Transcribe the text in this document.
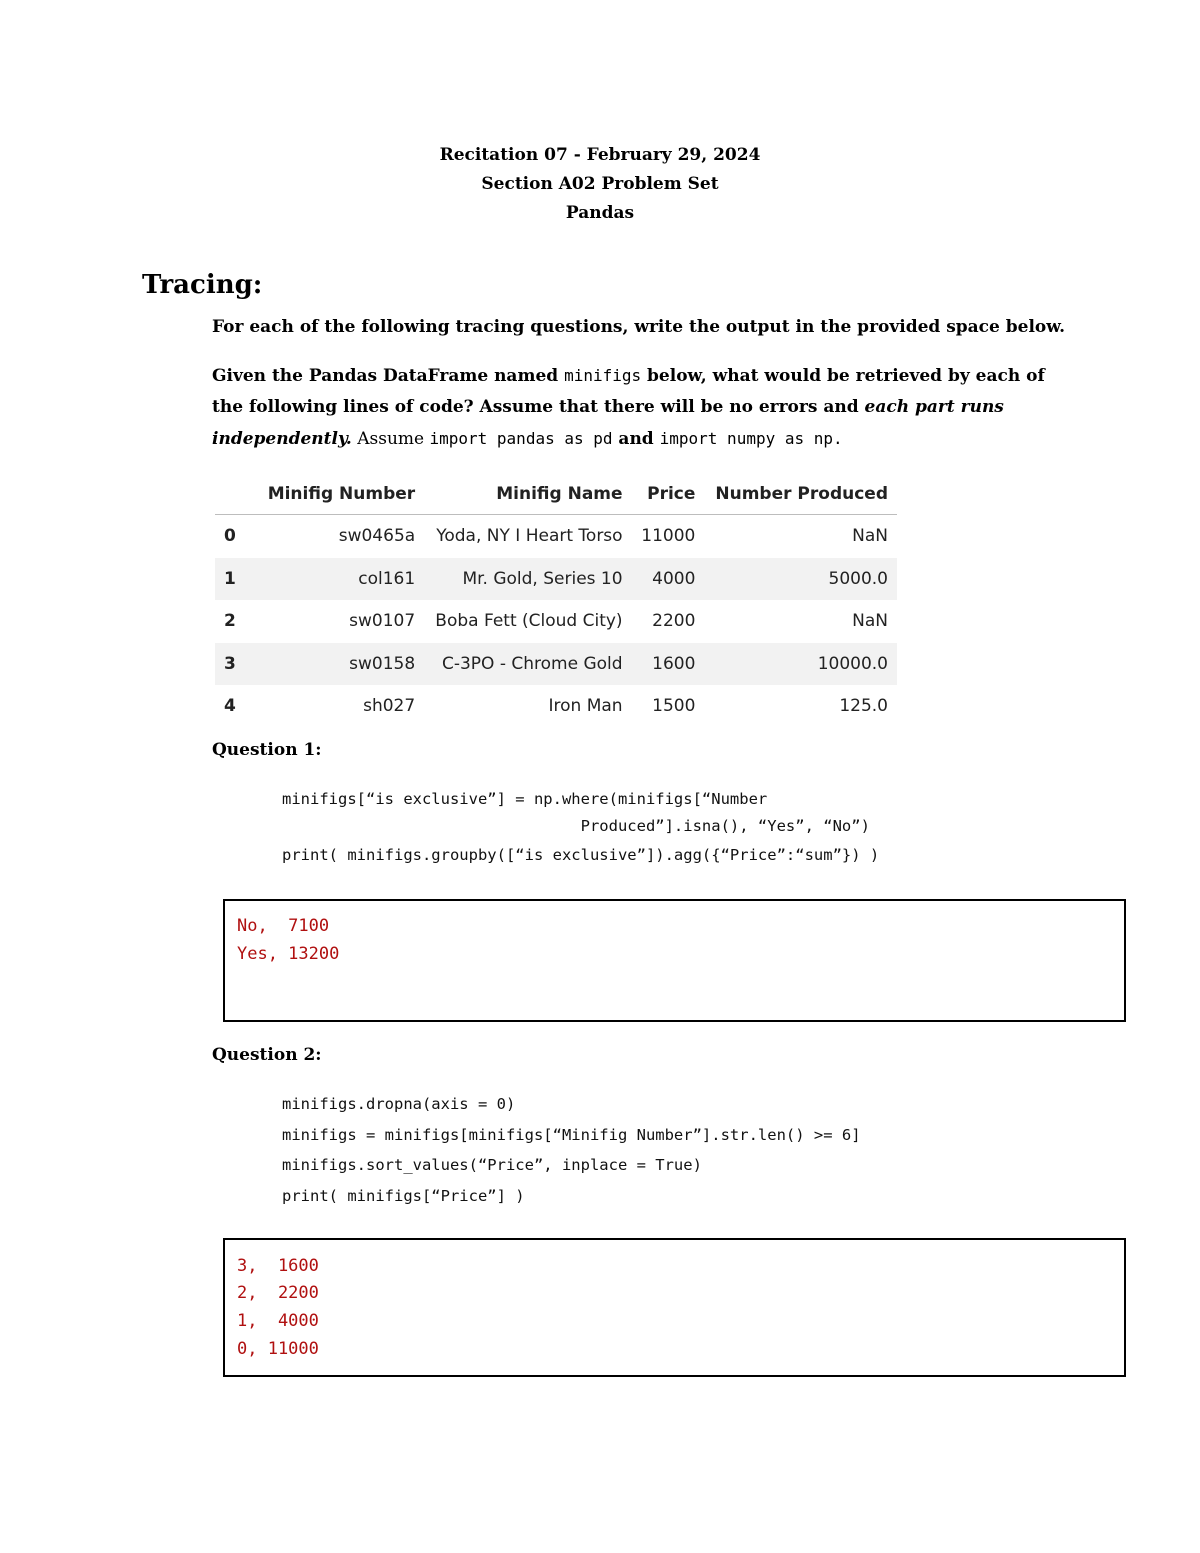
Recitation 07 - February 29, 2024
Section A02 Problem Set
Pandas
Tracing:
For each of the following tracing questions, write the output in the provided space below.
Given the Pandas DataFrame named minifigs below, what would be retrieved by each of
the following lines of code? Assume that there will be no errors and each part runs
independently. Assume import pandas as pd and import numpy as np.
	Minifig Number	Minifig Name	Price	Number Produced
0	sw0465a	Yoda, NY I Heart Torso	11000	NaN
1	col161	Mr. Gold, Series 10	4000	5000.0
2	sw0107	Boba Fett (Cloud City)	2200	NaN
3	sw0158	C-3PO - Chrome Gold	1600	10000.0
4	sh027	Iron Man	1500	125.0
Question 1:
minifigs[“is exclusive”] = np.where(minifigs[“Number
Produced”].isna(), “Yes”, “No”)
print( minifigs.groupby([“is exclusive”]).agg({“Price”:“sum”}) )
No,  7100
Yes, 13200
Question 2:
minifigs.dropna(axis = 0)
minifigs = minifigs[minifigs[“Minifig Number”].str.len() >= 6]
minifigs.sort_values(“Price”, inplace = True)
print( minifigs[“Price”] )
3,  1600
2,  2200
1,  4000
0, 11000
